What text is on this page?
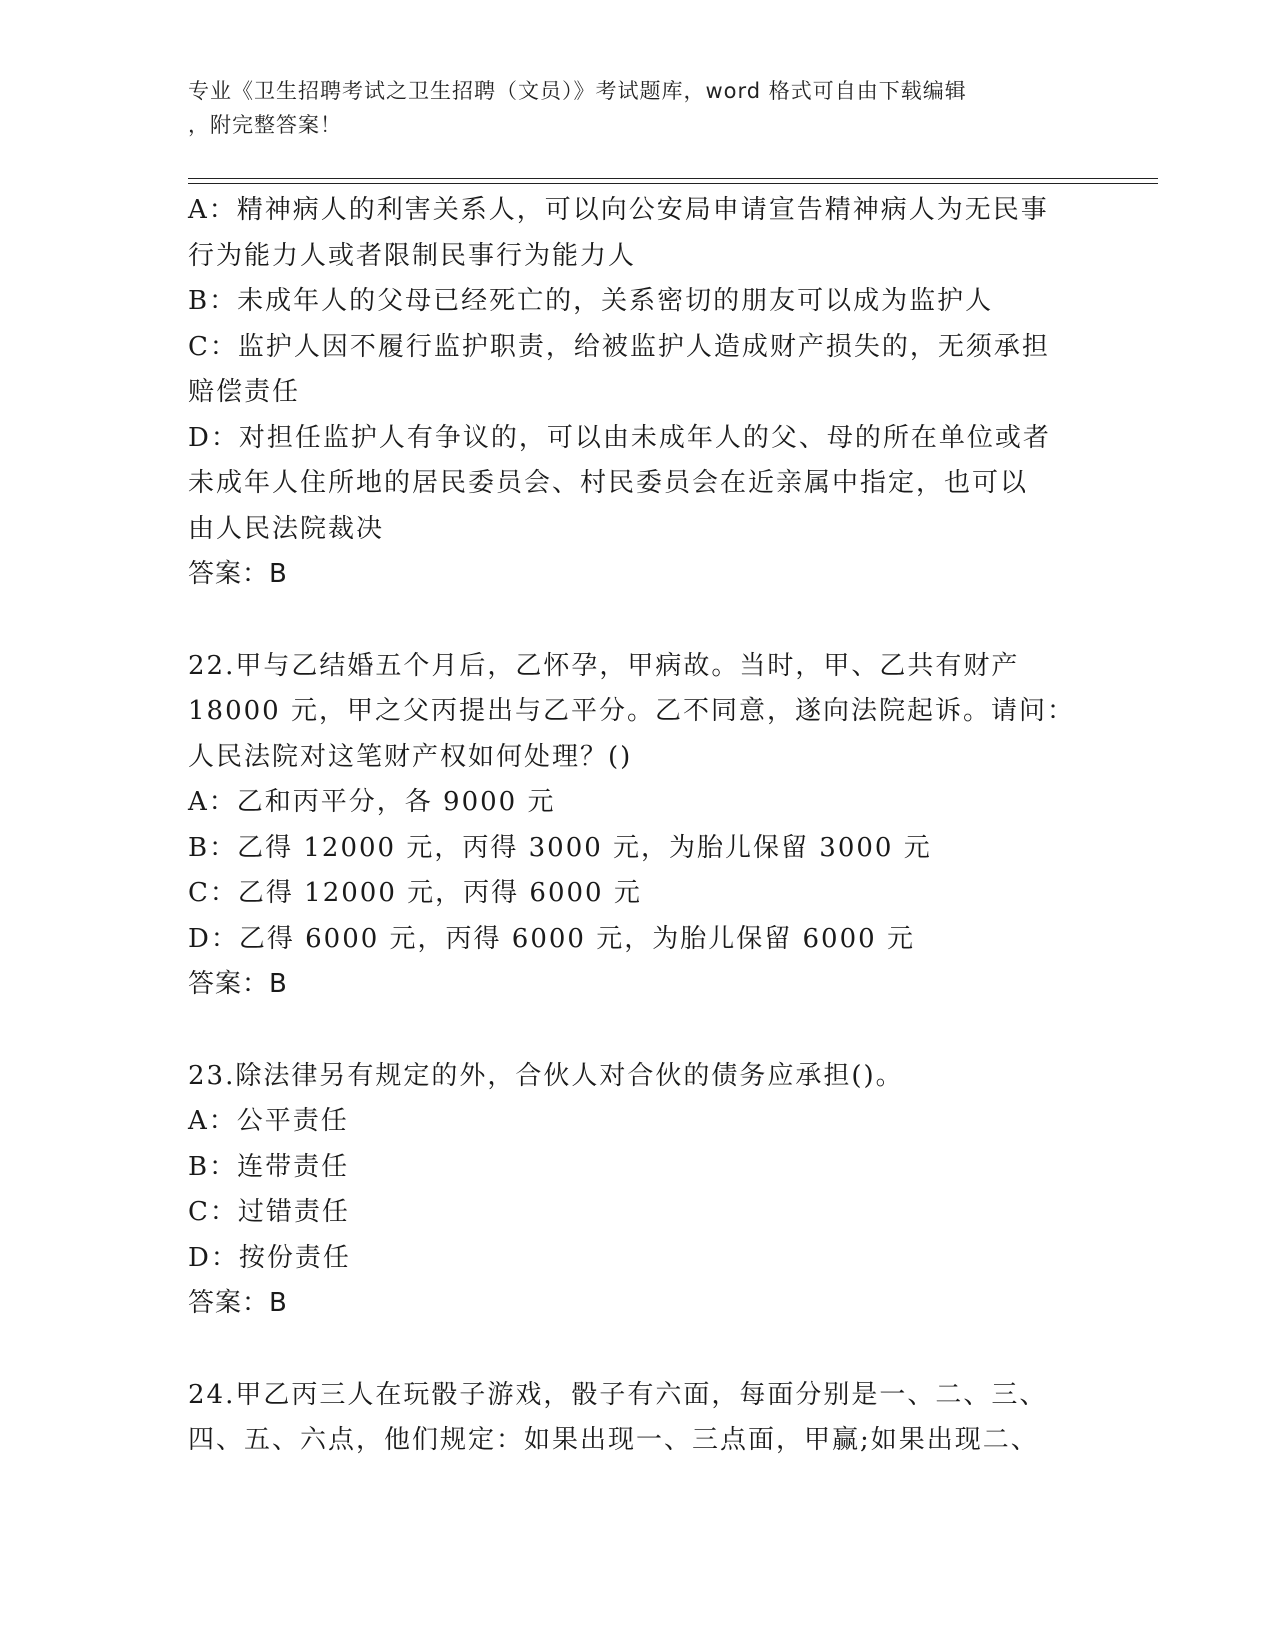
专业《卫生招聘考试之卫生招聘（文员）》考试题库，word 格式可自由下载编辑
，附完整答案！
A：精神病人的利害关系人，可以向公安局申请宣告精神病人为无民事
行为能力人或者限制民事行为能力人
B：未成年人的父母已经死亡的，关系密切的朋友可以成为监护人
C：监护人因不履行监护职责，给被监护人造成财产损失的，无须承担
赔偿责任
D：对担任监护人有争议的，可以由未成年人的父、母的所在单位或者
未成年人住所地的居民委员会、村民委员会在近亲属中指定，也可以
由人民法院裁决
答案：B
22.甲与乙结婚五个月后，乙怀孕，甲病故。当时，甲、乙共有财产
18000 元，甲之父丙提出与乙平分。乙不同意，遂向法院起诉。请问：
人民法院对这笔财产权如何处理？()
A：乙和丙平分，各 9000 元
B：乙得 12000 元，丙得 3000 元，为胎儿保留 3000 元
C：乙得 12000 元，丙得 6000 元
D：乙得 6000 元，丙得 6000 元，为胎儿保留 6000 元
答案：B
23.除法律另有规定的外，合伙人对合伙的债务应承担()。
A：公平责任
B：连带责任
C：过错责任
D：按份责任
答案：B
24.甲乙丙三人在玩骰子游戏，骰子有六面，每面分别是一、二、三、
四、五、六点，他们规定：如果出现一、三点面，甲赢;如果出现二、
